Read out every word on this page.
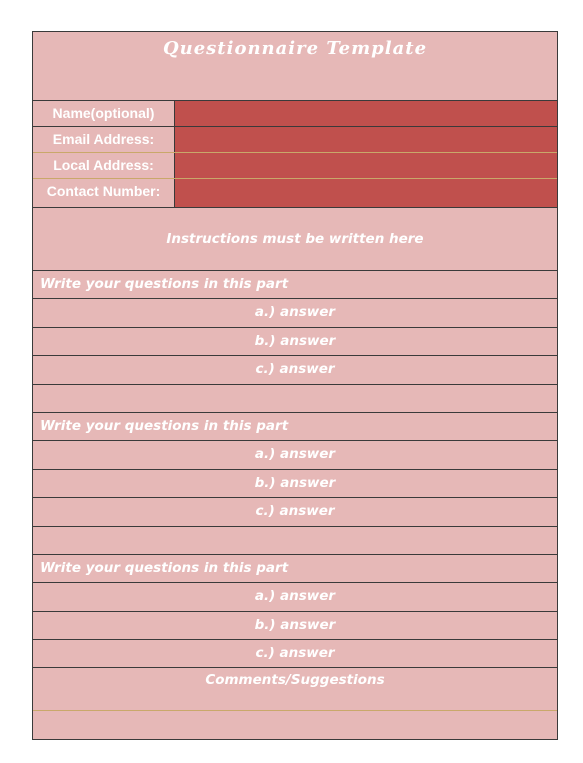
Questionnaire Template
Name(optional)
Email Address:
Local Address:
Contact Number:
Instructions must be written here
Write your questions in this part
a.) answer
b.) answer
c.) answer
Write your questions in this part
a.) answer
b.) answer
c.) answer
Write your questions in this part
a.) answer
b.) answer
c.) answer
Comments/Suggestions
